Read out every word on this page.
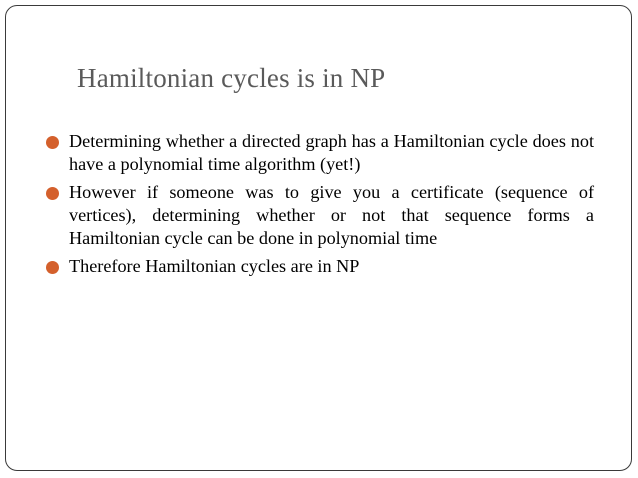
Hamiltonian cycles is in NP
Determining whether a directed graph has a Hamiltonian cycle does not have a polynomial time algorithm (yet!)
However if someone was to give you a certificate (sequence of vertices), determining whether or not that sequence forms a Hamiltonian cycle can be done in polynomial time
Therefore Hamiltonian cycles are in NP
